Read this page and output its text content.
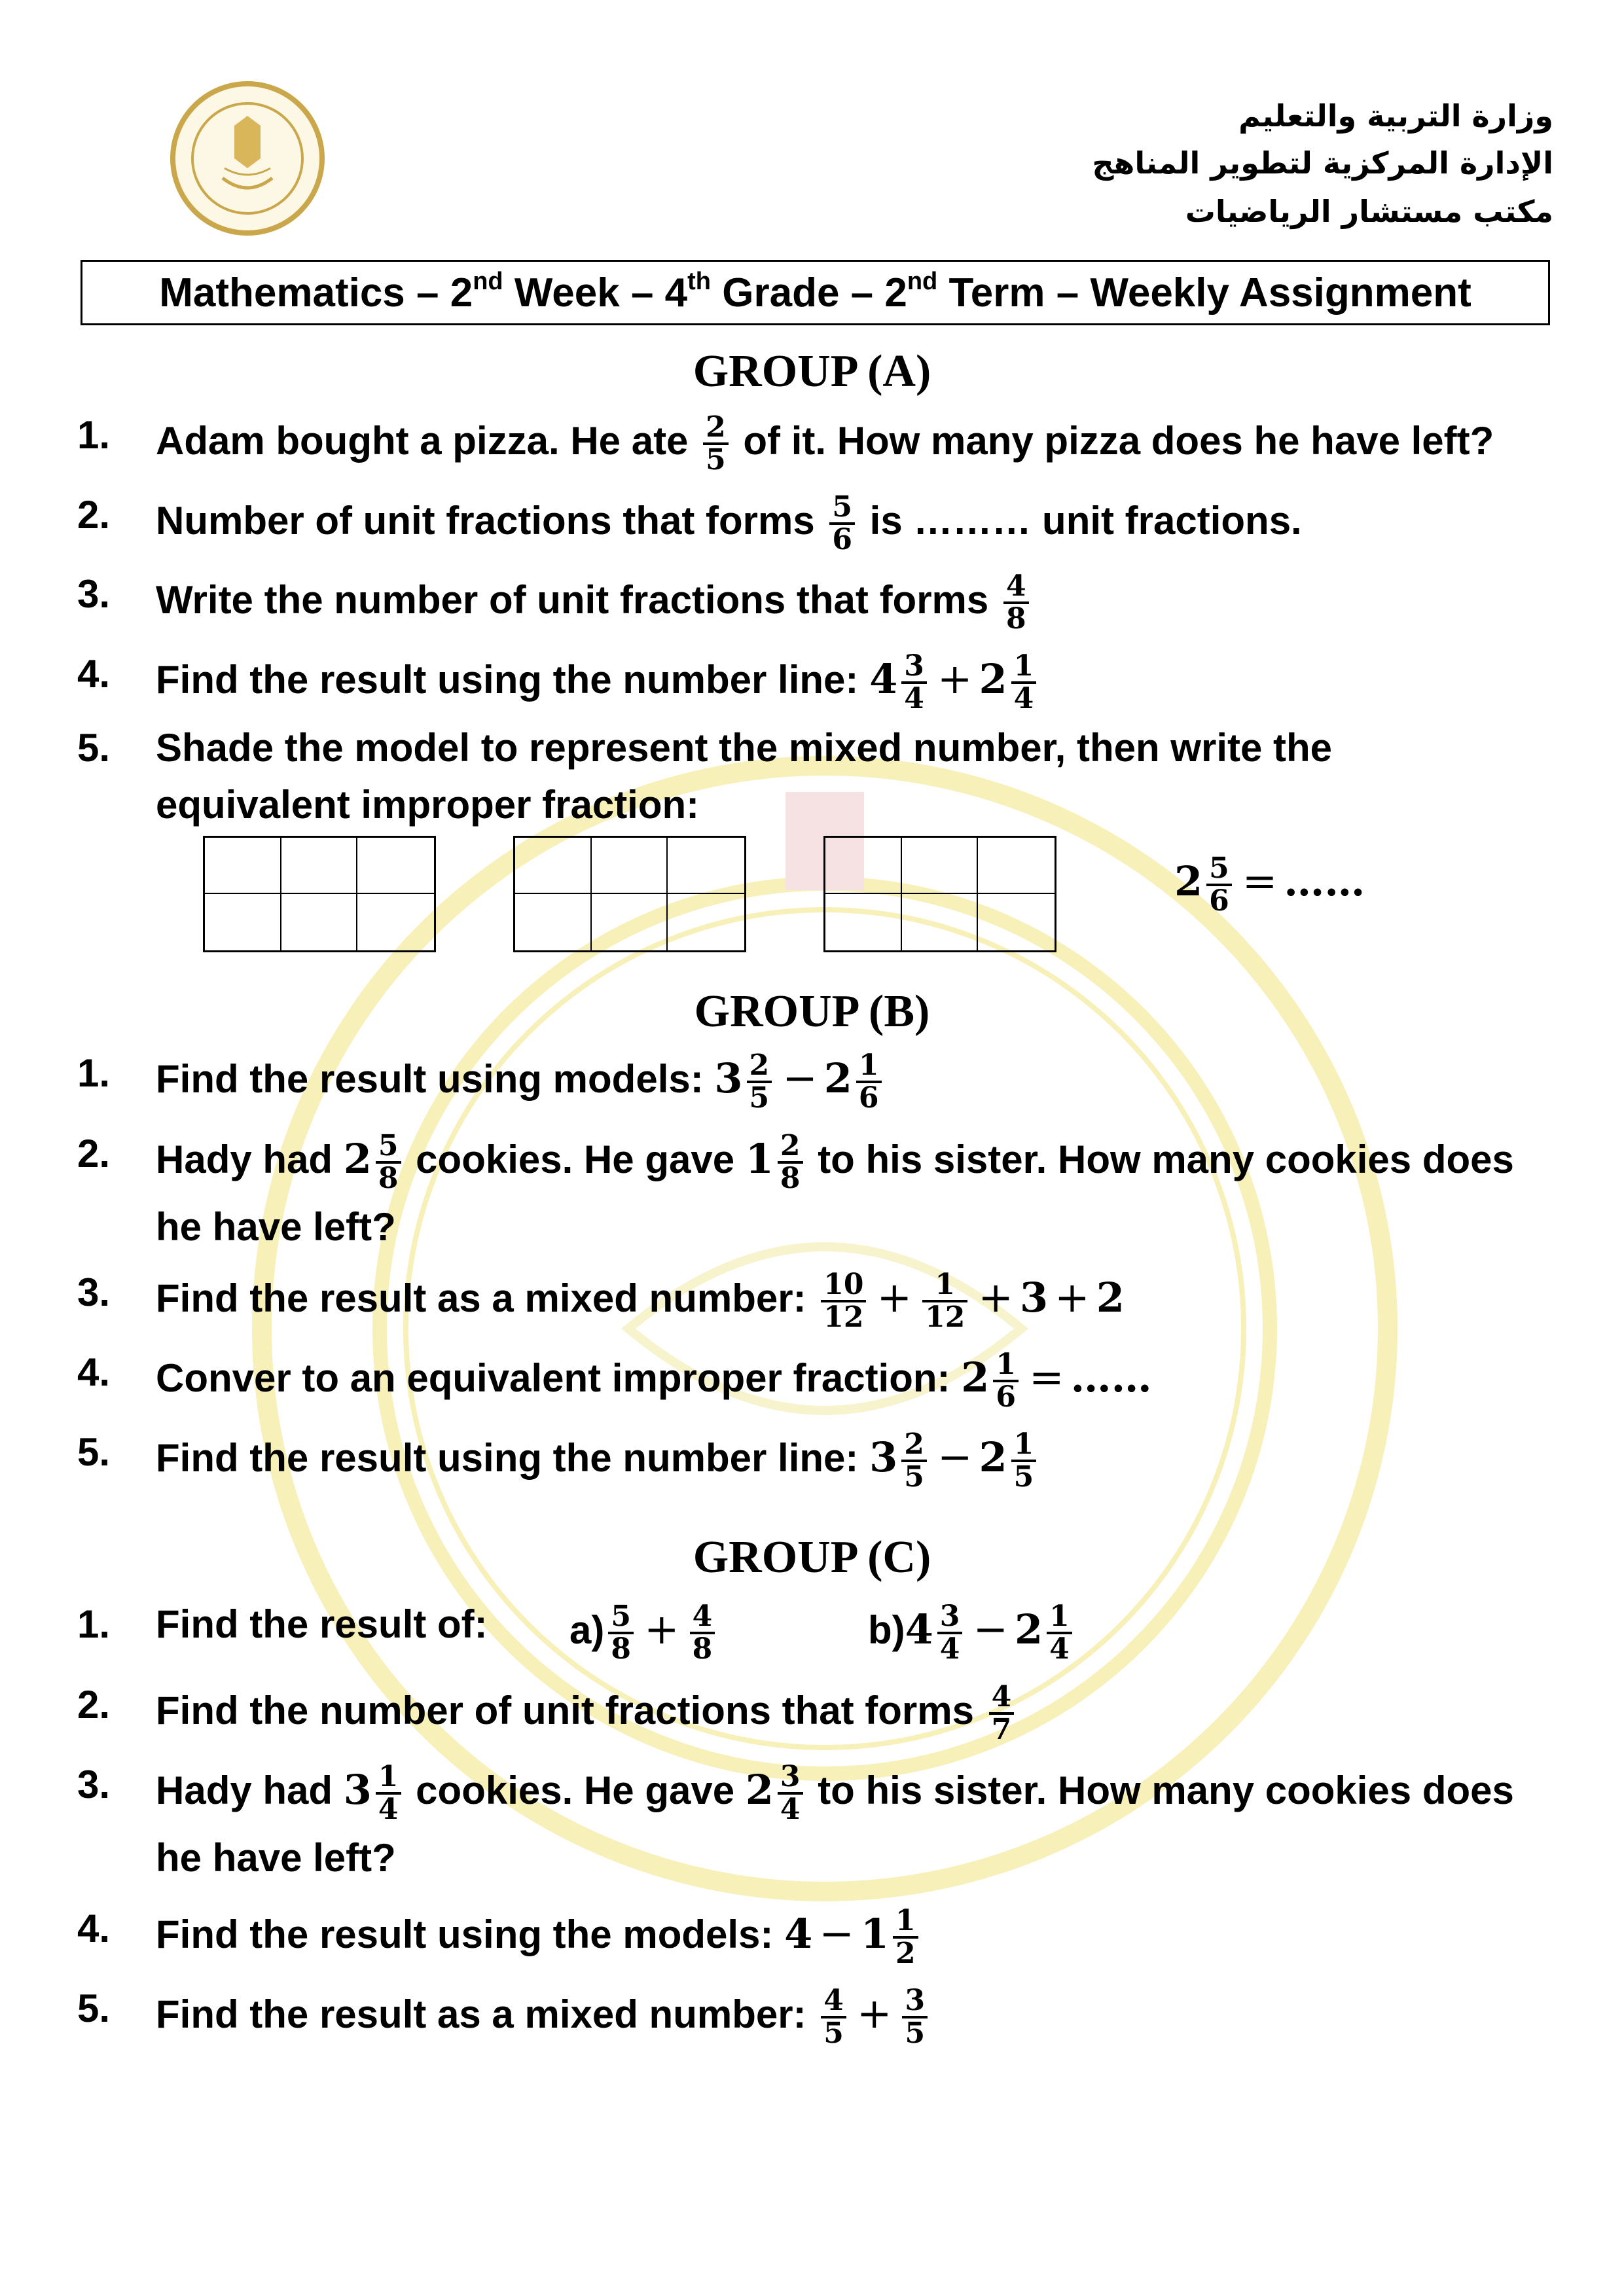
وزارة التربية والتعليم
الإدارة المركزية لتطوير المناهج
مكتب مستشار الرياضيات
Mathematics – 2nd Week – 4th Grade – 2nd Term – Weekly Assignment
GROUP (A)
1. Adam bought a pizza. He ate $\frac{2}{5}$ of it. How many pizza does he have left?
2. Number of unit fractions that forms $\frac{5}{6}$ is ……… unit fractions.
3. Write the number of unit fractions that forms $\frac{4}{8}$
4. Find the result using the number line: $4 \frac{3}{4} + 2 \frac{1}{4}$
5. Shade the model to represent the mixed number, then write the
equivalent improper fraction:
$2 \frac{5}{6}$ = ……
GROUP (B)
1. Find the result using models: $3 \frac{2}{5} - 2 \frac{1}{6}$
2. Hady had $2 \frac{5}{8}$ cookies. He gave $1 \frac{2}{8}$ to his sister. How many cookies does
he have left?
3. Find the result as a mixed number: $\frac{10}{12} + \frac{1}{12} + 3 + 2$
4. Conver to an equivalent improper fraction: $2 \frac{1}{6}$ = ……
5. Find the result using the number line: $3 \frac{2}{5} - 2 \frac{1}{5}$
GROUP (C)
1. Find the result of: $a) \frac{5}{8} + \frac{4}{8}$	$b)4 \frac{3}{4} - 2 \frac{1}{4}$
2. Find the number of unit fractions that forms $\frac{4}{7}$
3. Hady had $3 \frac{1}{4}$ cookies. He gave $2 \frac{3}{4}$ to his sister. How many cookies does
he have left?
4. Find the result using the models: $4 - 1 \frac{1}{2}$
5. Find the result as a mixed number: $\frac{4}{5} + \frac{3}{5}$
